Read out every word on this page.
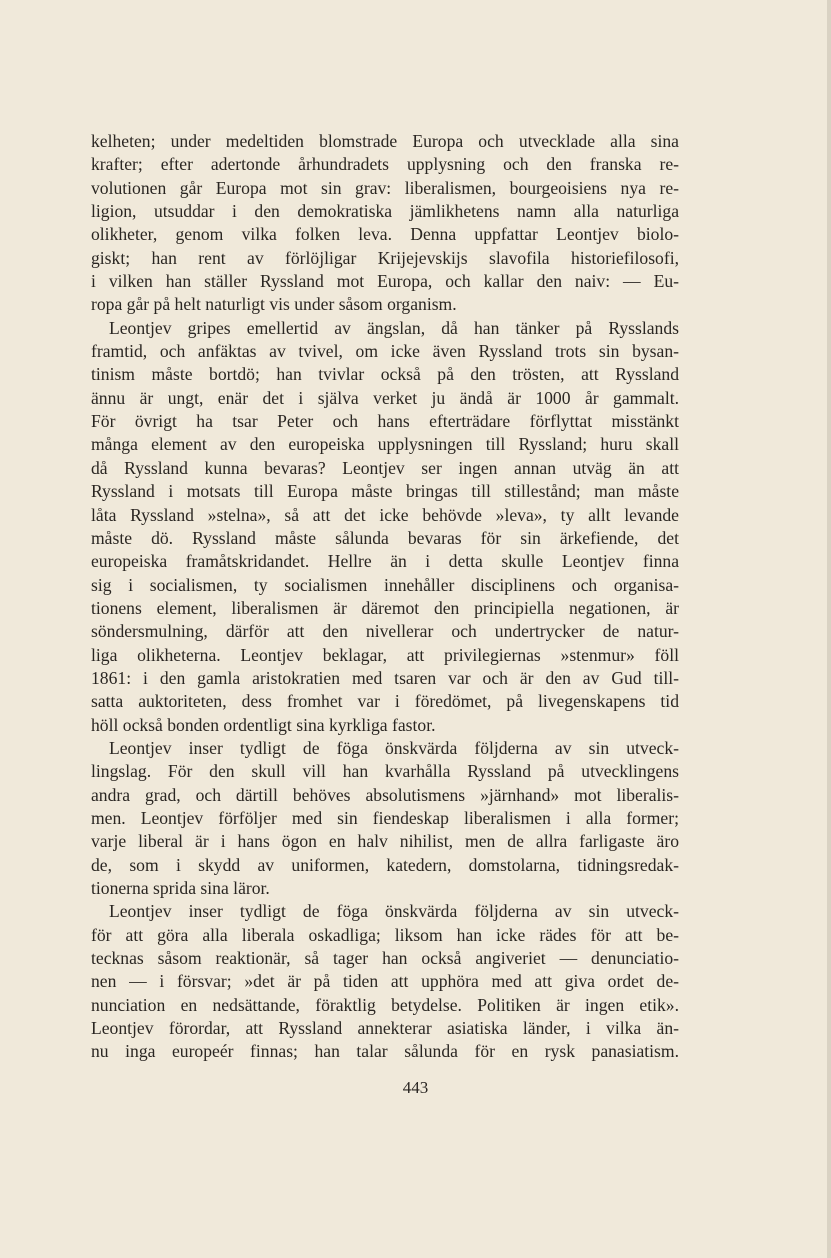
kelheten; under medeltiden blomstrade Europa och utvecklade alla sina
krafter; efter adertonde århundradets upplysning och den franska re-
volutionen går Europa mot sin grav: liberalismen, bourgeoisiens nya re-
ligion, utsuddar i den demokratiska jämlikhetens namn alla naturliga
olikheter, genom vilka folken leva. Denna uppfattar Leontjev biolo-
giskt; han rent av förlöjligar Krijejevskijs slavofila historiefilosofi,
i vilken han ställer Ryssland mot Europa, och kallar den naiv: — Eu-
ropa går på helt naturligt vis under såsom organism.

Leontjev gripes emellertid av ängslan, då han tänker på Rysslands
framtid, och anfäktas av tvivel, om icke även Ryssland trots sin bysan-
tinism måste bortdö; han tvivlar också på den trösten, att Ryssland
ännu är ungt, enär det i själva verket ju ändå är 1000 år gammalt.
För övrigt ha tsar Peter och hans efterträdare förflyttat misstänkt
många element av den europeiska upplysningen till Ryssland; huru skall
då Ryssland kunna bevaras? Leontjev ser ingen annan utväg än att
Ryssland i motsats till Europa måste bringas till stillestånd; man måste
låta Ryssland »stelna», så att det icke behövde »leva», ty allt levande
måste dö. Ryssland måste sålunda bevaras för sin ärkefiende, det
europeiska framåtskridandet. Hellre än i detta skulle Leontjev finna
sig i socialismen, ty socialismen innehåller disciplinens och organisa-
tionens element, liberalismen är däremot den principiella negationen, är
söndersmulning, därför att den nivellerar och undertrycker de natur-
liga olikheterna. Leontjev beklagar, att privilegiernas »stenmur» föll
1861: i den gamla aristokratien med tsaren var och är den av Gud till-
satta auktoriteten, dess fromhet var i föredömet, på livegenskapens tid
höll också bonden ordentligt sina kyrkliga fastor.

Leontjev inser tydligt de föga önskvärda följderna av sin utveck-
lingslag. För den skull vill han kvarhålla Ryssland på utvecklingens
andra grad, och därtill behöves absolutismens »järnhand» mot liberalis-
men. Leontjev förföljer med sin fiendeskap liberalismen i alla former;
varje liberal är i hans ögon en halv nihilist, men de allra farligaste äro
de, som i skydd av uniformen, katedern, domstolarna, tidningsredak-
tionerna sprida sina läror.

Leontjev inser tydligt de föga önskvärda följderna av sin utveck-
för att göra alla liberala oskadliga; liksom han icke rädes för att be-
tecknas såsom reaktionär, så tager han också angiveriet — denunciatio-
nen — i försvar; »det är på tiden att upphöra med att giva ordet de-
nunciation en nedsättande, föraktlig betydelse. Politiken är ingen etik».
Leontjev förordar, att Ryssland annekterar asiatiska länder, i vilka än-
nu inga europeér finnas; han talar sålunda för en rysk panasiatism.

443
